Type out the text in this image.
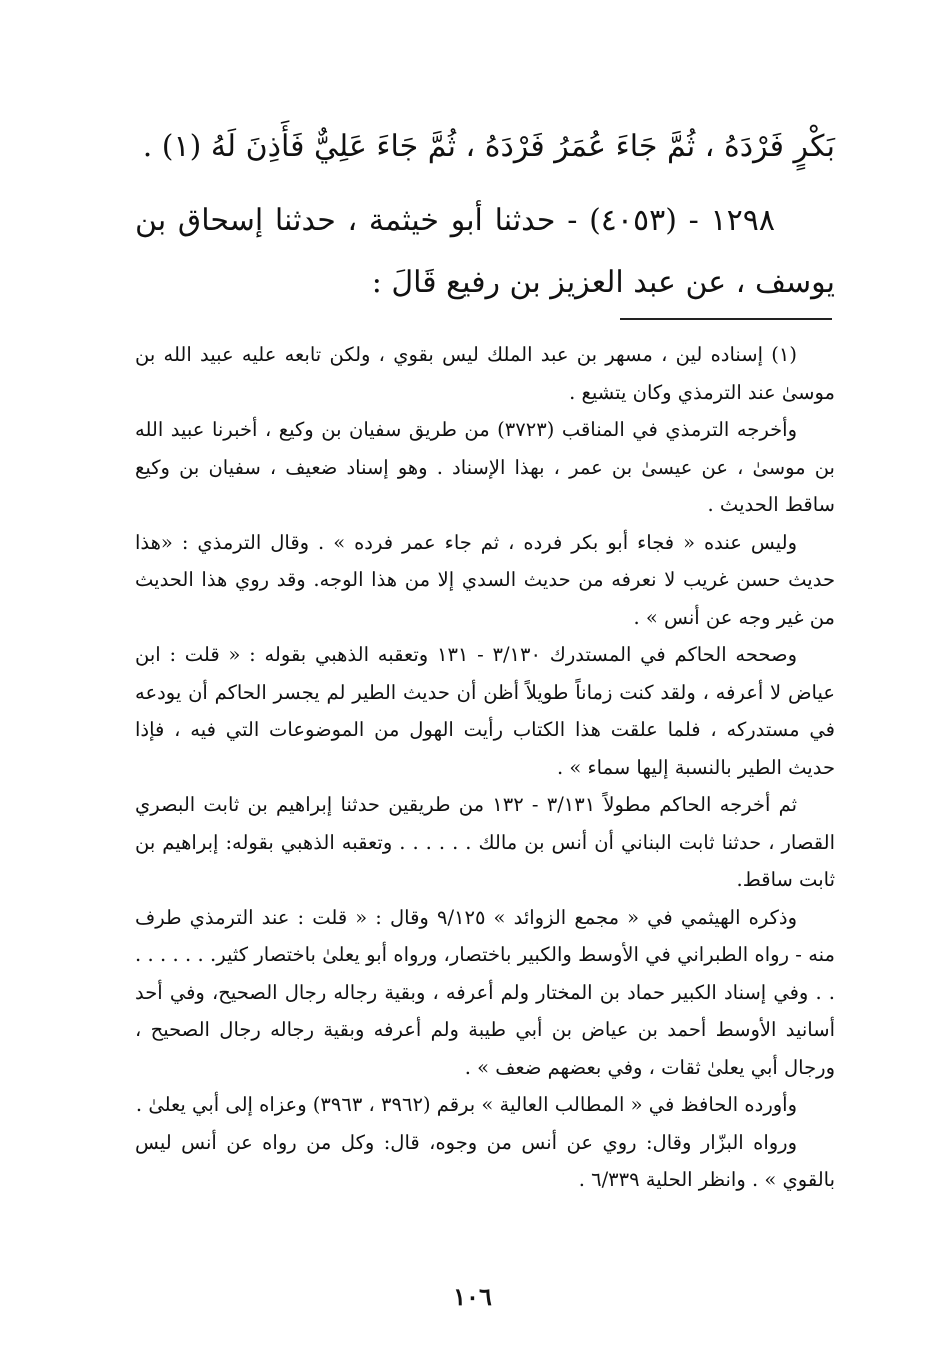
بَكْرٍ فَرْدَهُ ، ثُمَّ جَاءَ عُمَرُ فَرْدَهُ ، ثُمَّ جَاءَ عَلِيٌّ فَأَذِنَ لَهُ (١) .
١٢٩٨ - (٤٠٥٣) - حدثنا أبو خيثمة ، حدثنا إسحاق بن يوسف ، عن عبد العزيز بن رفيع قَالَ :

(١) إسناده لين ، مسهر بن عبد الملك ليس بقوي ، ولكن تابعه عليه عبيد الله بن موسىٰ عند الترمذي وكان يتشيع .

وأخرجه الترمذي في المناقب (٣٧٢٣) من طريق سفيان بن وكيع ، أخبرنا عبيد الله بن موسىٰ ، عن عيسىٰ بن عمر ، بهذا الإسناد . وهو إسناد ضعيف ، سفيان بن وكيع ساقط الحديث .

وليس عنده « فجاء أبو بكر فرده ، ثم جاء عمر فرده » . وقال الترمذي : «هذا حديث حسن غريب لا نعرفه من حديث السدي إلا من هذا الوجه. وقد روي هذا الحديث من غير وجه عن أنس » .

وصححه الحاكم في المستدرك ٣/١٣٠ - ١٣١ وتعقبه الذهبي بقوله : « قلت : ابن عياض لا أعرفه ، ولقد كنت زماناً طويلاً أظن أن حديث الطير لم يجسر الحاكم أن يودعه في مستدركه ، فلما علقت هذا الكتاب رأيت الهول من الموضوعات التي فيه ، فإذا حديث الطير بالنسبة إليها سماء » .

ثم أخرجه الحاكم مطولاً ٣/١٣١ - ١٣٢ من طريقين حدثنا إبراهيم بن ثابت البصري القصار ، حدثنا ثابت البناني أن أنس بن مالك . . . . . . وتعقبه الذهبي بقوله: إبراهيم بن ثابت ساقط.

وذكره الهيثمي في « مجمع الزوائد » ٩/١٢٥ وقال : « قلت : عند الترمذي طرف منه - رواه الطبراني في الأوسط والكبير باختصار، ورواه أبو يعلىٰ باختصار كثير. . . . . . . . . وفي إسناد الكبير حماد بن المختار ولم أعرفه ، وبقية رجاله رجال الصحيح، وفي أحد أسانيد الأوسط أحمد بن عياض بن أبي طيبة ولم أعرفه وبقية رجاله رجال الصحيح ، ورجال أبي يعلىٰ ثقات ، وفي بعضهم ضعف » .

وأورده الحافظ في « المطالب العالية » برقم (٣٩٦٢ ، ٣٩٦٣) وعزاه إلى أبي يعلىٰ .

ورواه البزّار وقال: روي عن أنس من وجوه، قال: وكل من رواه عن أنس ليس بالقوي » . وانظر الحلية ٦/٣٣٩ .

١٠٦
